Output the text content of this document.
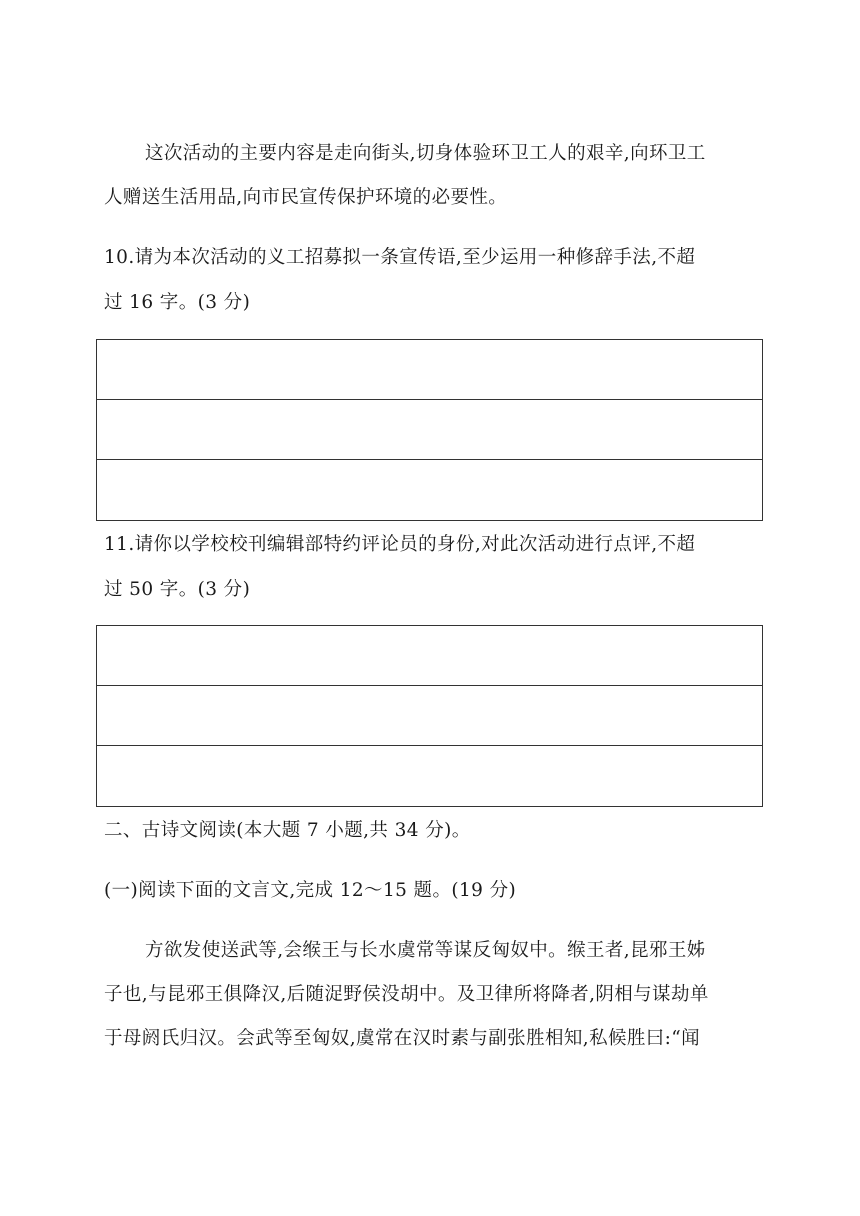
这次活动的主要内容是走向街头,切身体验环卫工人的艰辛,向环卫工
人赠送生活用品,向市民宣传保护环境的必要性。
10.请为本次活动的义工招募拟一条宣传语,至少运用一种修辞手法,不超
过 16 字。(3 分)
11.请你以学校校刊编辑部特约评论员的身份,对此次活动进行点评,不超
过 50 字。(3 分)
二、古诗文阅读(本大题 7 小题,共 34 分)。
(一)阅读下面的文言文,完成 12～15 题。(19 分)
方欲发使送武等,会缑王与长水虞常等谋反匈奴中。缑王者,昆邪王姊
子也,与昆邪王俱降汉,后随浞野侯没胡中。及卫律所将降者,阴相与谋劫单
于母阏氏归汉。会武等至匈奴,虞常在汉时素与副张胜相知,私候胜曰:“闻
